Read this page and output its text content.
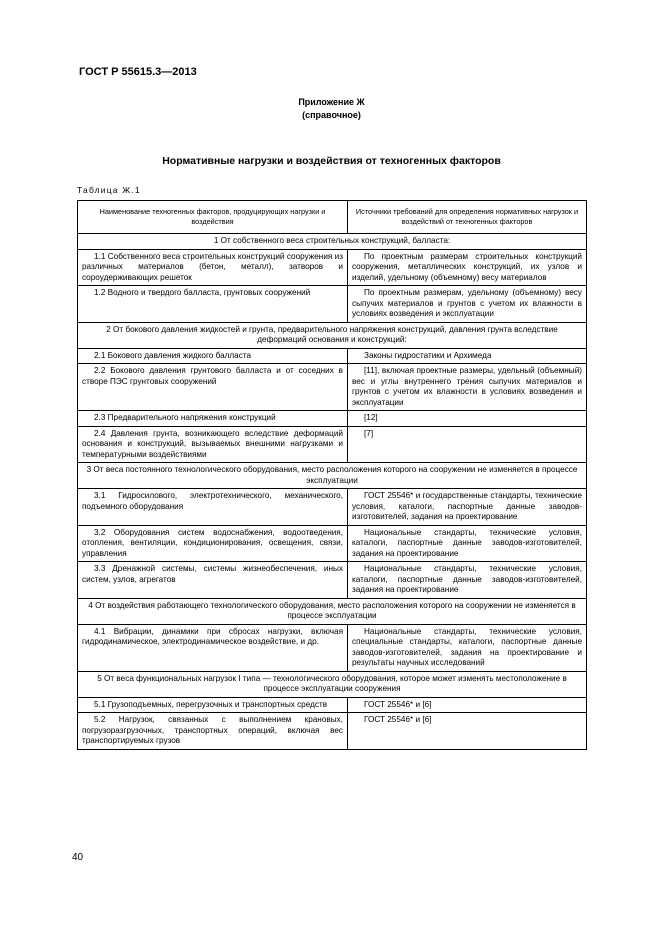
ГОСТ Р 55615.3—2013
Приложение Ж
(справочное)
Нормативные нагрузки и воздействия от техногенных факторов
Таблица Ж.1
Наименование техногенных факторов, продуцирующих нагрузки и воздействия	Источники требований для определения нормативных нагрузок и воздействий от техногенных факторов
1 От собственного веса строительных конструкций, балласта:	
1.1 Собственного веса строительных конструкций сооружения из различных материалов (бетон, металл), затворов и сороудерживающих решеток	По проектным размерам строительных конструкций сооружения, металлических конструкций, их узлов и изделий, удельному (объемному) весу материалов
1.2 Водного и твердого балласта, грунтовых сооружений	По проектным размерам, удельному (объемному) весу сыпучих материалов и грунтов с учетом их влажности в условиях возведения и эксплуатации
2 От бокового давления жидкостей и грунта, предварительного напряжения конструкций, давления грунта вследствие деформаций основания и конструкций:	
2.1 Бокового давления жидкого балласта	Законы гидростатики и Архимеда
2.2 Бокового давления грунтового балласта и от соседних в створе ПЭС грунтовых сооружений	[11], включая проектные размеры, удельный (объемный) вес и углы внутреннего трения сыпучих материалов и грунтов с учетом их влажности в условиях возведения и эксплуатации
2.3 Предварительного напряжения конструкций	[12]
2.4 Давления грунта, возникающего вследствие деформаций основания и конструкций, вызываемых внешними нагрузками и температурными воздействиями	[7]
3 От веса постоянного технологического оборудования, место расположения которого на сооружении не изменяется в процессе эксплуатации	
3.1 Гидросилового, электротехнического, механического, подъемного оборудования	ГОСТ 25546* и государственные стандарты, технические условия, каталоги, паспортные данные заводов-изготовителей, задания на проектирование
3.2 Оборудования систем водоснабжения, водоотведения, отопления, вентиляции, кондиционирования, освещения, связи, управления	Национальные стандарты, технические условия, каталоги, паспортные данные заводов-изготовителей, задания на проектирование
3.3 Дренажной системы, системы жизнеобеспечения, иных систем, узлов, агрегатов	Национальные стандарты, технические условия, каталоги, паспортные данные заводов-изготовителей, задания на проектирование
4 От воздействия работающего технологического оборудования, место расположения которого на сооружении не изменяется в процессе эксплуатации	
4.1 Вибрации, динамики при сбросах нагрузки, включая гидродинамическое, электродинамическое воздействие, и др.	Национальные стандарты, технические условия, специальные стандарты, каталоги, паспортные данные заводов-изготовителей, задания на проектирование и результаты научных исследований
5 От веса функциональных нагрузок I типа — технологического оборудования, которое может изменять местоположение в процессе эксплуатации сооружения	
5.1 Грузоподъемных, перегрузочных и транспортных средств	ГОСТ 25546* и [6]
5.2 Нагрузок, связанных с выполнением крановых, погрузоразгрузочных, транспортных операций, включая вес транспортируемых грузов	ГОСТ 25546* и [6]
40
